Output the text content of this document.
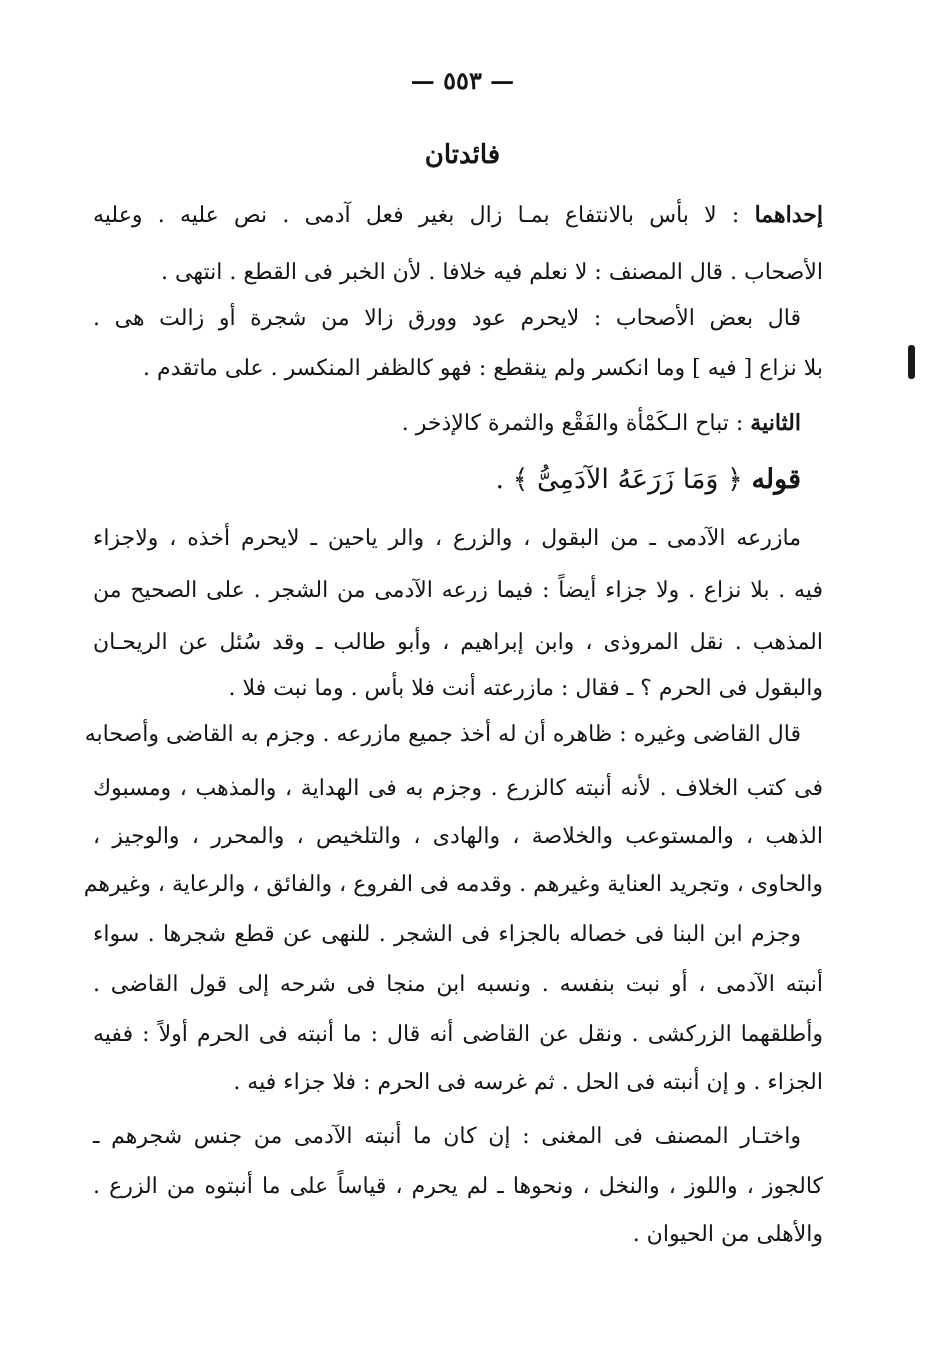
— ٥٥٣ —
فائدتان
إحداهما : لا بأس بالانتفاع بمـا زال بغير فعل آدمى . نص عليه . وعليه
الأصحاب . قال المصنف : لا نعلم فيه خلافا . لأن الخبر فى القطع . انتهى .
قال بعض الأصحاب : لايحرم عود وورق زالا من شجرة أو زالت هى .
بلا نزاع [ فيه ] وما انكسر ولم ينقطع : فهو كالظفر المنكسر . على ماتقدم .
الثانية : تباح الـكَمْأة والفَقْع والثمرة كالإذخر .
قوله ﴿ وَمَا زَرَعَهُ الآدَمِىُّ ﴾ .
مازرعه الآدمى ـ من البقول ، والزرع ، والر ياحين ـ لايحرم أخذه ، ولاجزاء
فيه . بلا نزاع . ولا جزاء أيضاً : فيما زرعه الآدمى من الشجر . على الصحيح من
المذهب . نقل المروذى ، وابن إبراهيم ، وأبو طالب ـ وقد سُئل عن الريحـان
والبقول فى الحرم ؟ ـ فقال : مازرعته أنت فلا بأس . وما نبت فلا .
قال القاضى وغيره : ظاهره أن له أخذ جميع مازرعه . وجزم به القاضى وأصحابه
فى كتب الخلاف . لأنه أنبته كالزرع . وجزم به فى الهداية ، والمذهب ، ومسبوك
الذهب ، والمستوعب والخلاصة ، والهادى ، والتلخيص ، والمحرر ، والوجيز ،
والحاوى ، وتجريد العناية وغيرهم . وقدمه فى الفروع ، والفائق ، والرعاية ، وغيرهم
وجزم ابن البنا فى خصاله بالجزاء فى الشجر . للنهى عن قطع شجرها . سواء
أنبته الآدمى ، أو نبت بنفسه . ونسبه ابن منجا فى شرحه إلى قول القاضى .
وأطلقهما الزركشى . ونقل عن القاضى أنه قال : ما أنبته فى الحرم أولاً : ففيه
الجزاء . و إن أنبته فى الحل . ثم غرسه فى الحرم : فلا جزاء فيه .
واختـار المصنف فى المغنى : إن كان ما أنبته الآدمى من جنس شجرهم ـ
كالجوز ، واللوز ، والنخل ، ونحوها ـ لم يحرم ، قياساً على ما أنبتوه من الزرع .
والأهلى من الحيوان .
